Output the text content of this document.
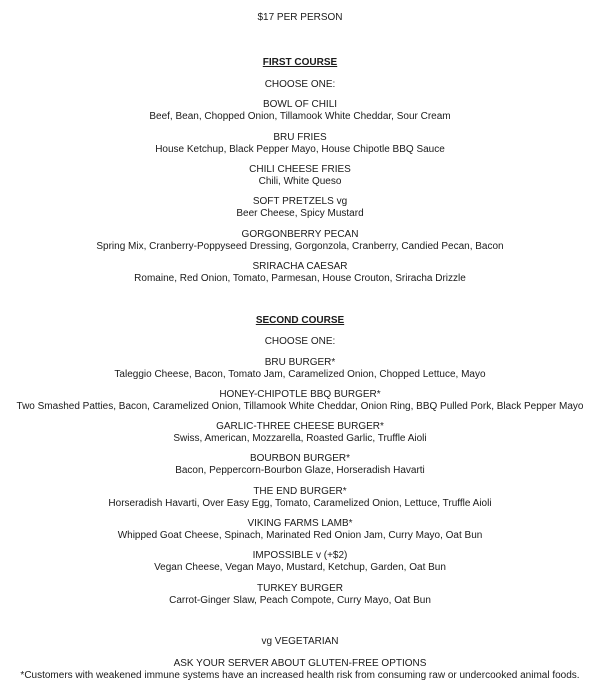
$17 PER PERSON
FIRST COURSE
CHOOSE ONE:
BOWL OF CHILI
Beef, Bean, Chopped Onion, Tillamook White Cheddar, Sour Cream
BRU FRIES
House Ketchup, Black Pepper Mayo, House Chipotle BBQ Sauce
CHILI CHEESE FRIES
Chili, White Queso
SOFT PRETZELS vg
Beer Cheese, Spicy Mustard
GORGONBERRY PECAN
Spring Mix, Cranberry-Poppyseed Dressing, Gorgonzola, Cranberry, Candied Pecan, Bacon
SRIRACHA CAESAR
Romaine, Red Onion, Tomato, Parmesan, House Crouton, Sriracha Drizzle
SECOND COURSE
CHOOSE ONE:
BRU BURGER*
Taleggio Cheese, Bacon, Tomato Jam, Caramelized Onion, Chopped Lettuce, Mayo
HONEY-CHIPOTLE BBQ BURGER*
Two Smashed Patties, Bacon, Caramelized Onion, Tillamook White Cheddar, Onion Ring, BBQ Pulled Pork, Black Pepper Mayo
GARLIC-THREE CHEESE BURGER*
Swiss, American, Mozzarella, Roasted Garlic, Truffle Aioli
BOURBON BURGER*
Bacon, Peppercorn-Bourbon Glaze, Horseradish Havarti
THE END BURGER*
Horseradish Havarti, Over Easy Egg, Tomato, Caramelized Onion, Lettuce, Truffle Aioli
VIKING FARMS LAMB*
Whipped Goat Cheese, Spinach, Marinated Red Onion Jam, Curry Mayo, Oat Bun
IMPOSSIBLE v (+$2)
Vegan Cheese, Vegan Mayo, Mustard, Ketchup, Garden, Oat Bun
TURKEY BURGER
Carrot-Ginger Slaw, Peach Compote, Curry Mayo, Oat Bun
vg VEGETARIAN
ASK YOUR SERVER ABOUT GLUTEN-FREE OPTIONS
*Customers with weakened immune systems have an increased health risk from consuming raw or undercooked animal foods.
